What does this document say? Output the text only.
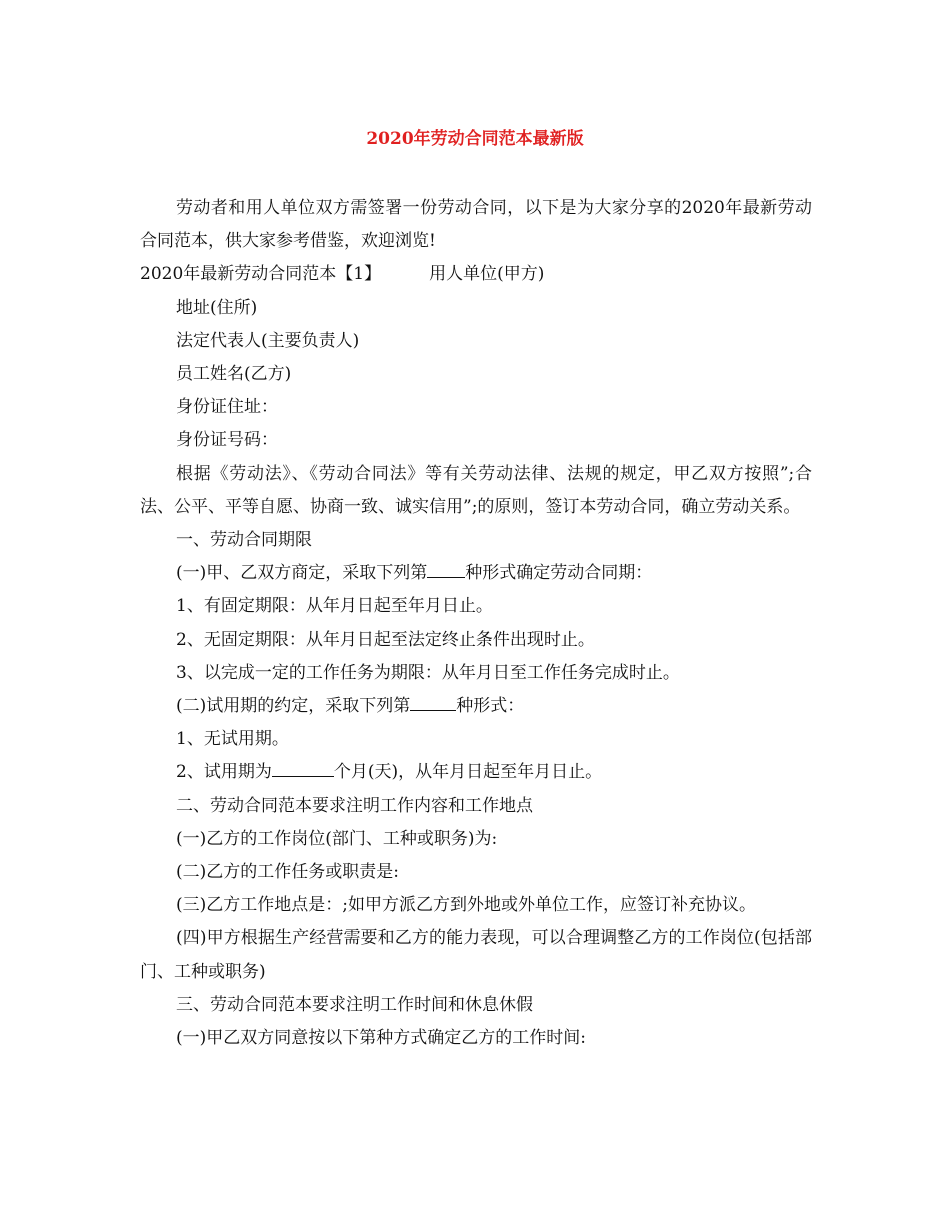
2020年劳动合同范本最新版

劳动者和用人单位双方需签署一份劳动合同，以下是为大家分享的2020年最新劳动合同范本，供大家参考借鉴，欢迎浏览!

2020年最新劳动合同范本【1】	用人单位(甲方)

地址(住所)

法定代表人(主要负责人)

员工姓名(乙方)

身份证住址：

身份证号码：

根据《劳动法》、《劳动合同法》等有关劳动法律、法规的规定，甲乙双方按照”;合法、公平、平等自愿、协商一致、诚实信用”;的原则，签订本劳动合同，确立劳动关系。

一、劳动合同期限

(一)甲、乙双方商定，采取下列第 种形式确定劳动合同期：

1、有固定期限：从年月日起至年月日止。

2、无固定期限：从年月日起至法定终止条件出现时止。

3、以完成一定的工作任务为期限：从年月日至工作任务完成时止。

(二)试用期的约定，采取下列第	种形式：

1、无试用期。

2、试用期为	个月(天)，从年月日起至年月日止。

二、劳动合同范本要求注明工作内容和工作地点

(一)乙方的工作岗位(部门、工种或职务)为:

(二)乙方的工作任务或职责是:

(三)乙方工作地点是：;如甲方派乙方到外地或外单位工作，应签订补充协议。

(四)甲方根据生产经营需要和乙方的能力表现，可以合理调整乙方的工作岗位(包括部门、工种或职务)

三、劳动合同范本要求注明工作时间和休息休假

(一)甲乙双方同意按以下第种方式确定乙方的工作时间:
